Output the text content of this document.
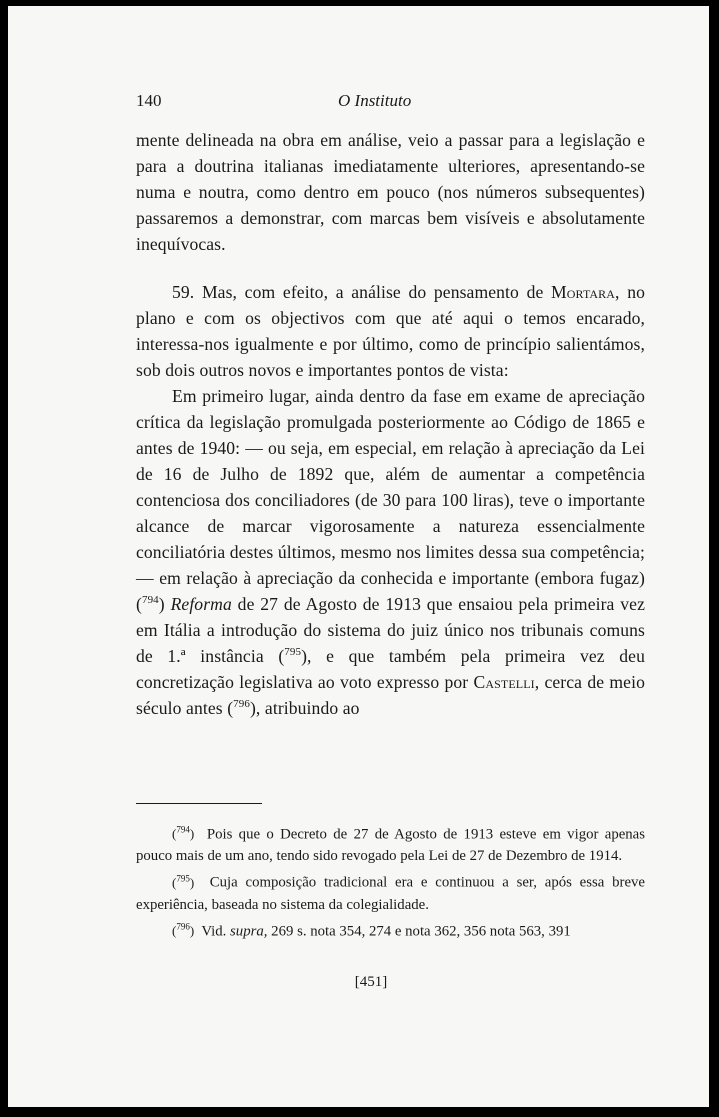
140	O Instituto

mente delineada na obra em análise, veio a passar para a legislação e para a doutrina italianas imediatamente ulteriores, apresentando-se numa e noutra, como dentro em pouco (nos números subsequentes) passaremos a demonstrar, com marcas bem visíveis e absolutamente inequívocas.

59. Mas, com efeito, a análise do pensamento de Mortara, no plano e com os objectivos com que até aqui o temos encarado, interessa-nos igualmente e por último, como de princípio salientámos, sob dois outros novos e importantes pontos de vista:

Em primeiro lugar, ainda dentro da fase em exame de apreciação crítica da legislação promulgada posteriormente ao Código de 1865 e antes de 1940: — ou seja, em especial, em relação à apreciação da Lei de 16 de Julho de 1892 que, além de aumentar a competência contenciosa dos conciliadores (de 30 para 100 liras), teve o importante alcance de marcar vigorosamente a natureza essencialmente conciliatória destes últimos, mesmo nos limites dessa sua competência; — em relação à apreciação da conhecida e importante (embora fugaz) ($^{794}$) Reforma de 27 de Agosto de 1913 que ensaiou pela primeira vez em Itália a introdução do sistema do juiz único nos tribunais comuns de 1.ª instância ($^{795}$), e que também pela primeira vez deu concretização legislativa ao voto expresso por Castelli, cerca de meio século antes ($^{796}$), atribuindo ao

($^{794}$) Pois que o Decreto de 27 de Agosto de 1913 esteve em vigor apenas pouco mais de um ano, tendo sido revogado pela Lei de 27 de Dezembro de 1914.

($^{795}$) Cuja composição tradicional era e continuou a ser, após essa breve experiência, baseada no sistema da colegialidade.

($^{796}$) Vid. supra, 269 s. nota 354, 274 e nota 362, 356 nota 563, 391

[451]
